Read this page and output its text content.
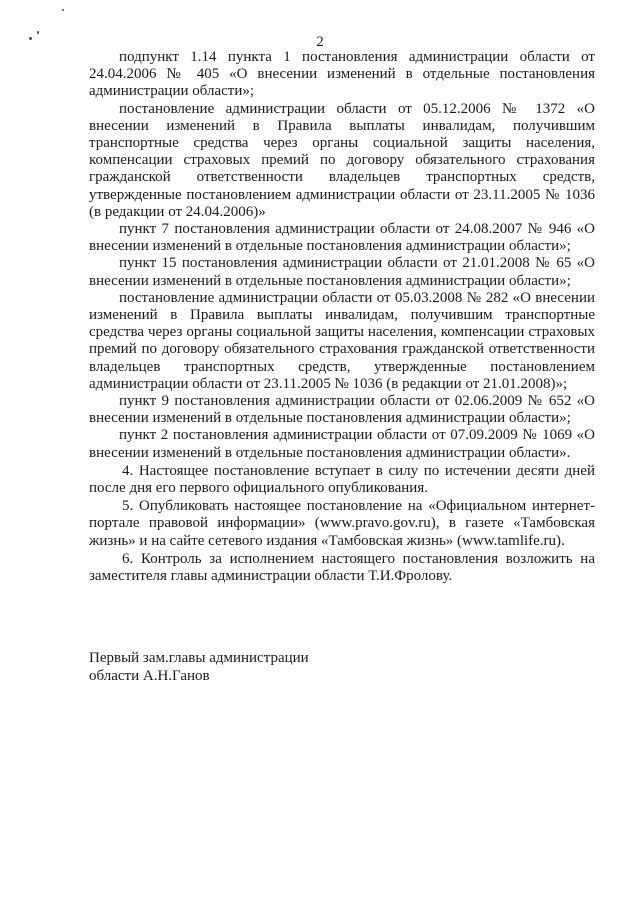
2

подпункт 1.14 пункта 1 постановления администрации области от 24.04.2006 № 405 «О внесении изменений в отдельные постановления администрации области»;

постановление администрации области от 05.12.2006 № 1372 «О внесении изменений в Правила выплаты инвалидам, получившим транспортные средства через органы социальной защиты населения, компенсации страховых премий по договору обязательного страхования гражданской ответственности владельцев транспортных средств, утвержденные постановлением администрации области от 23.11.2005 № 1036 (в редакции от 24.04.2006)»

пункт 7 постановления администрации области от 24.08.2007 № 946 «О внесении изменений в отдельные постановления администрации области»;

пункт 15 постановления администрации области от 21.01.2008 № 65 «О внесении изменений в отдельные постановления администрации области»;

постановление администрации области от 05.03.2008 № 282 «О внесении изменений в Правила выплаты инвалидам, получившим транспортные средства через органы социальной защиты населения, компенсации страховых премий по договору обязательного страхования гражданской ответственности владельцев транспортных средств, утвержденные постановлением администрации области от 23.11.2005 № 1036 (в редакции от 21.01.2008)»;

пункт 9 постановления администрации области от 02.06.2009 № 652 «О внесении изменений в отдельные постановления администрации области»;

пункт 2 постановления администрации области от 07.09.2009 № 1069 «О внесении изменений в отдельные постановления администрации области».

4. Настоящее постановление вступает в силу по истечении десяти дней после дня его первого официального опубликования.

5. Опубликовать настоящее постановление на «Официальном интернет-портале правовой информации» (www.pravo.gov.ru), в газете «Тамбовская жизнь» и на сайте сетевого издания «Тамбовская жизнь» (www.tamlife.ru).

6. Контроль за исполнением настоящего постановления возложить на заместителя главы администрации области Т.И.Фролову.

Первый зам.главы администрации
области А.Н.Ганов
